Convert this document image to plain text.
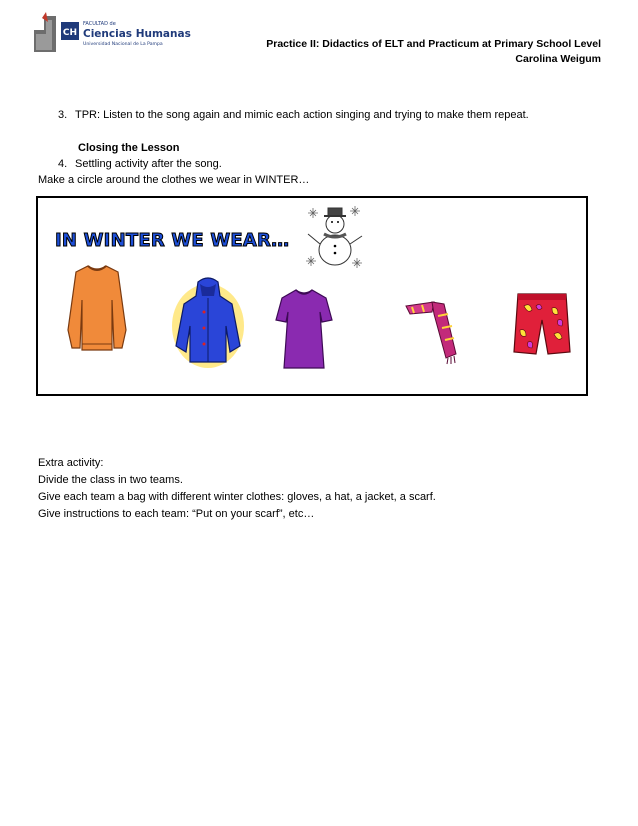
CH
FACULTAD de
Ciencias Humanas
Universidad Nacional de La Pampa	Practice II: Didactics of ELT and Practicum at Primary School Level
Carolina Weigum
3. TPR: Listen to the song again and mimic each action singing and trying to make them repeat.
Closing the Lesson
4. Settling activity after the song.
Make a circle around the clothes we wear in WINTER…
IN WINTER WE WEAR…
Extra activity:
Divide the class in two teams.
Give each team a bag with different winter clothes: gloves, a hat, a jacket, a scarf.
Give instructions to each team: “Put on your scarf”, etc…
